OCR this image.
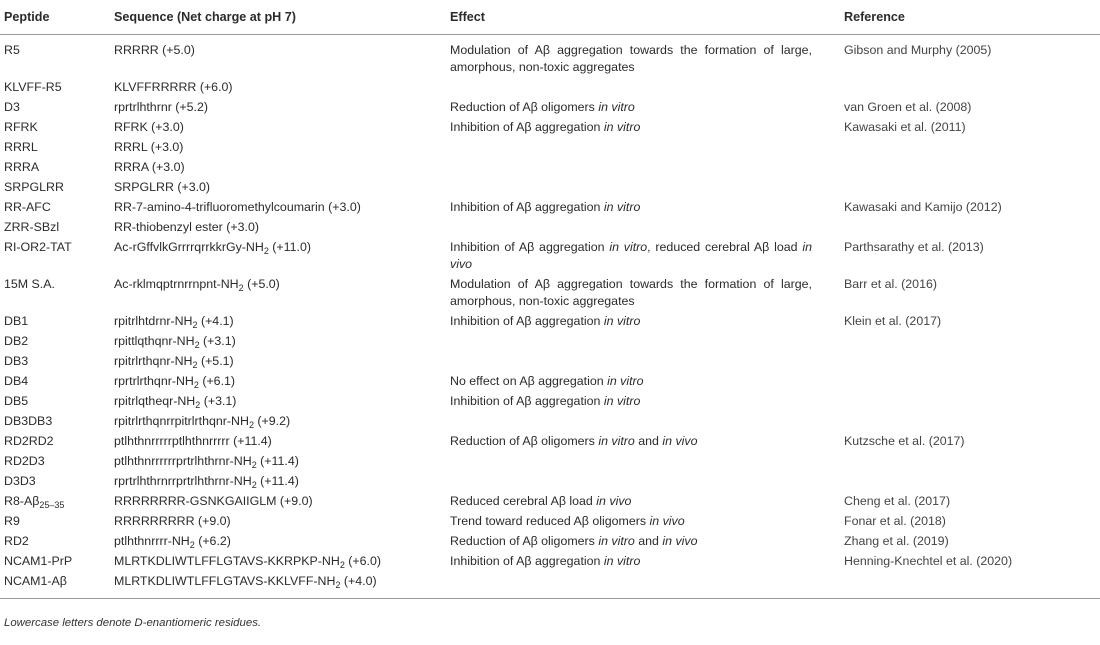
Peptide	Sequence (Net charge at pH 7)	Effect	Reference
R5	RRRRR (+5.0)	Modulation of Aβ aggregation towards the formation of large, amorphous, non-toxic aggregates	Gibson and Murphy (2005)
KLVFF-R5	KLVFFRRRRR (+6.0)		
D3	rprtrlhthrnr (+5.2)	Reduction of Aβ oligomers in vitro	van Groen et al. (2008)
RFRK	RFRK (+3.0)	Inhibition of Aβ aggregation in vitro	Kawasaki et al. (2011)
RRRL	RRRL (+3.0)		
RRRA	RRRA (+3.0)		
SRPGLRR	SRPGLRR (+3.0)		
RR-AFC	RR-7-amino-4-trifluoromethylcoumarin (+3.0)	Inhibition of Aβ aggregation in vitro	Kawasaki and Kamijo (2012)
ZRR-SBzl	RR-thiobenzyl ester (+3.0)		
RI-OR2-TAT	$Ac-rGffvlkGrrrrqrrkkrGy-NH_2$ (+11.0)	Inhibition of Aβ aggregation in vitro, reduced cerebral Aβ load in vivo	Parthsarathy et al. (2013)
15M S.A.	$Ac-rklmqptrnrrnpnt-NH_2$ (+5.0)	Modulation of Aβ aggregation towards the formation of large, amorphous, non-toxic aggregates	Barr et al. (2016)
DB1	rpitrlhtdrnr-$NH_2$ (+4.1)	Inhibition of Aβ aggregation in vitro	Klein et al. (2017)
DB2	rpittlqthqnr-$NH_2$ (+3.1)		
DB3	rpitrlrthqnr-$NH_2$ (+5.1)		
DB4	rprtrlrthqnr-$NH_2$ (+6.1)	No effect on Aβ aggregation in vitro	
DB5	rpitrlqtheqr-$NH_2$ (+3.1)	Inhibition of Aβ aggregation in vitro	
DB3DB3	rpitrlrthqnrrpitrlrthqnr-$NH_2$ (+9.2)		
RD2RD2	ptlhthnrrrrrptlhthnrrrrr (+11.4)	Reduction of Aβ oligomers in vitro and in vivo	Kutzsche et al. (2017)
RD2D3	ptlhthnrrrrrrprtrlhthrnr-$NH_2$ (+11.4)		
D3D3	rprtrlhthrnrrprtrlhthrnr-$NH_2$ (+11.4)		
$R8-A\beta_{25-35}$	RRRRRRRR-GSNKGAIIGLM (+9.0)	Reduced cerebral Aβ load in vivo	Cheng et al. (2017)
R9	RRRRRRRRR (+9.0)	Trend toward reduced Aβ oligomers in vivo	Fonar et al. (2018)
RD2	ptlhthnrrrr-$NH_2$ (+6.2)	Reduction of Aβ oligomers in vitro and in vivo	Zhang et al. (2019)
NCAM1-PrP	MLRTKDLIWTLFFLGTAVS-$KKRPKP-NH_2$ (+6.0)	Inhibition of Aβ aggregation in vitro	Henning-Knechtel et al. (2020)
NCAM1-Aβ	MLRTKDLIWTLFFLGTAVS-$KKLVFF-NH_2$ (+4.0)		
Lowercase letters denote D-enantiomeric residues.
